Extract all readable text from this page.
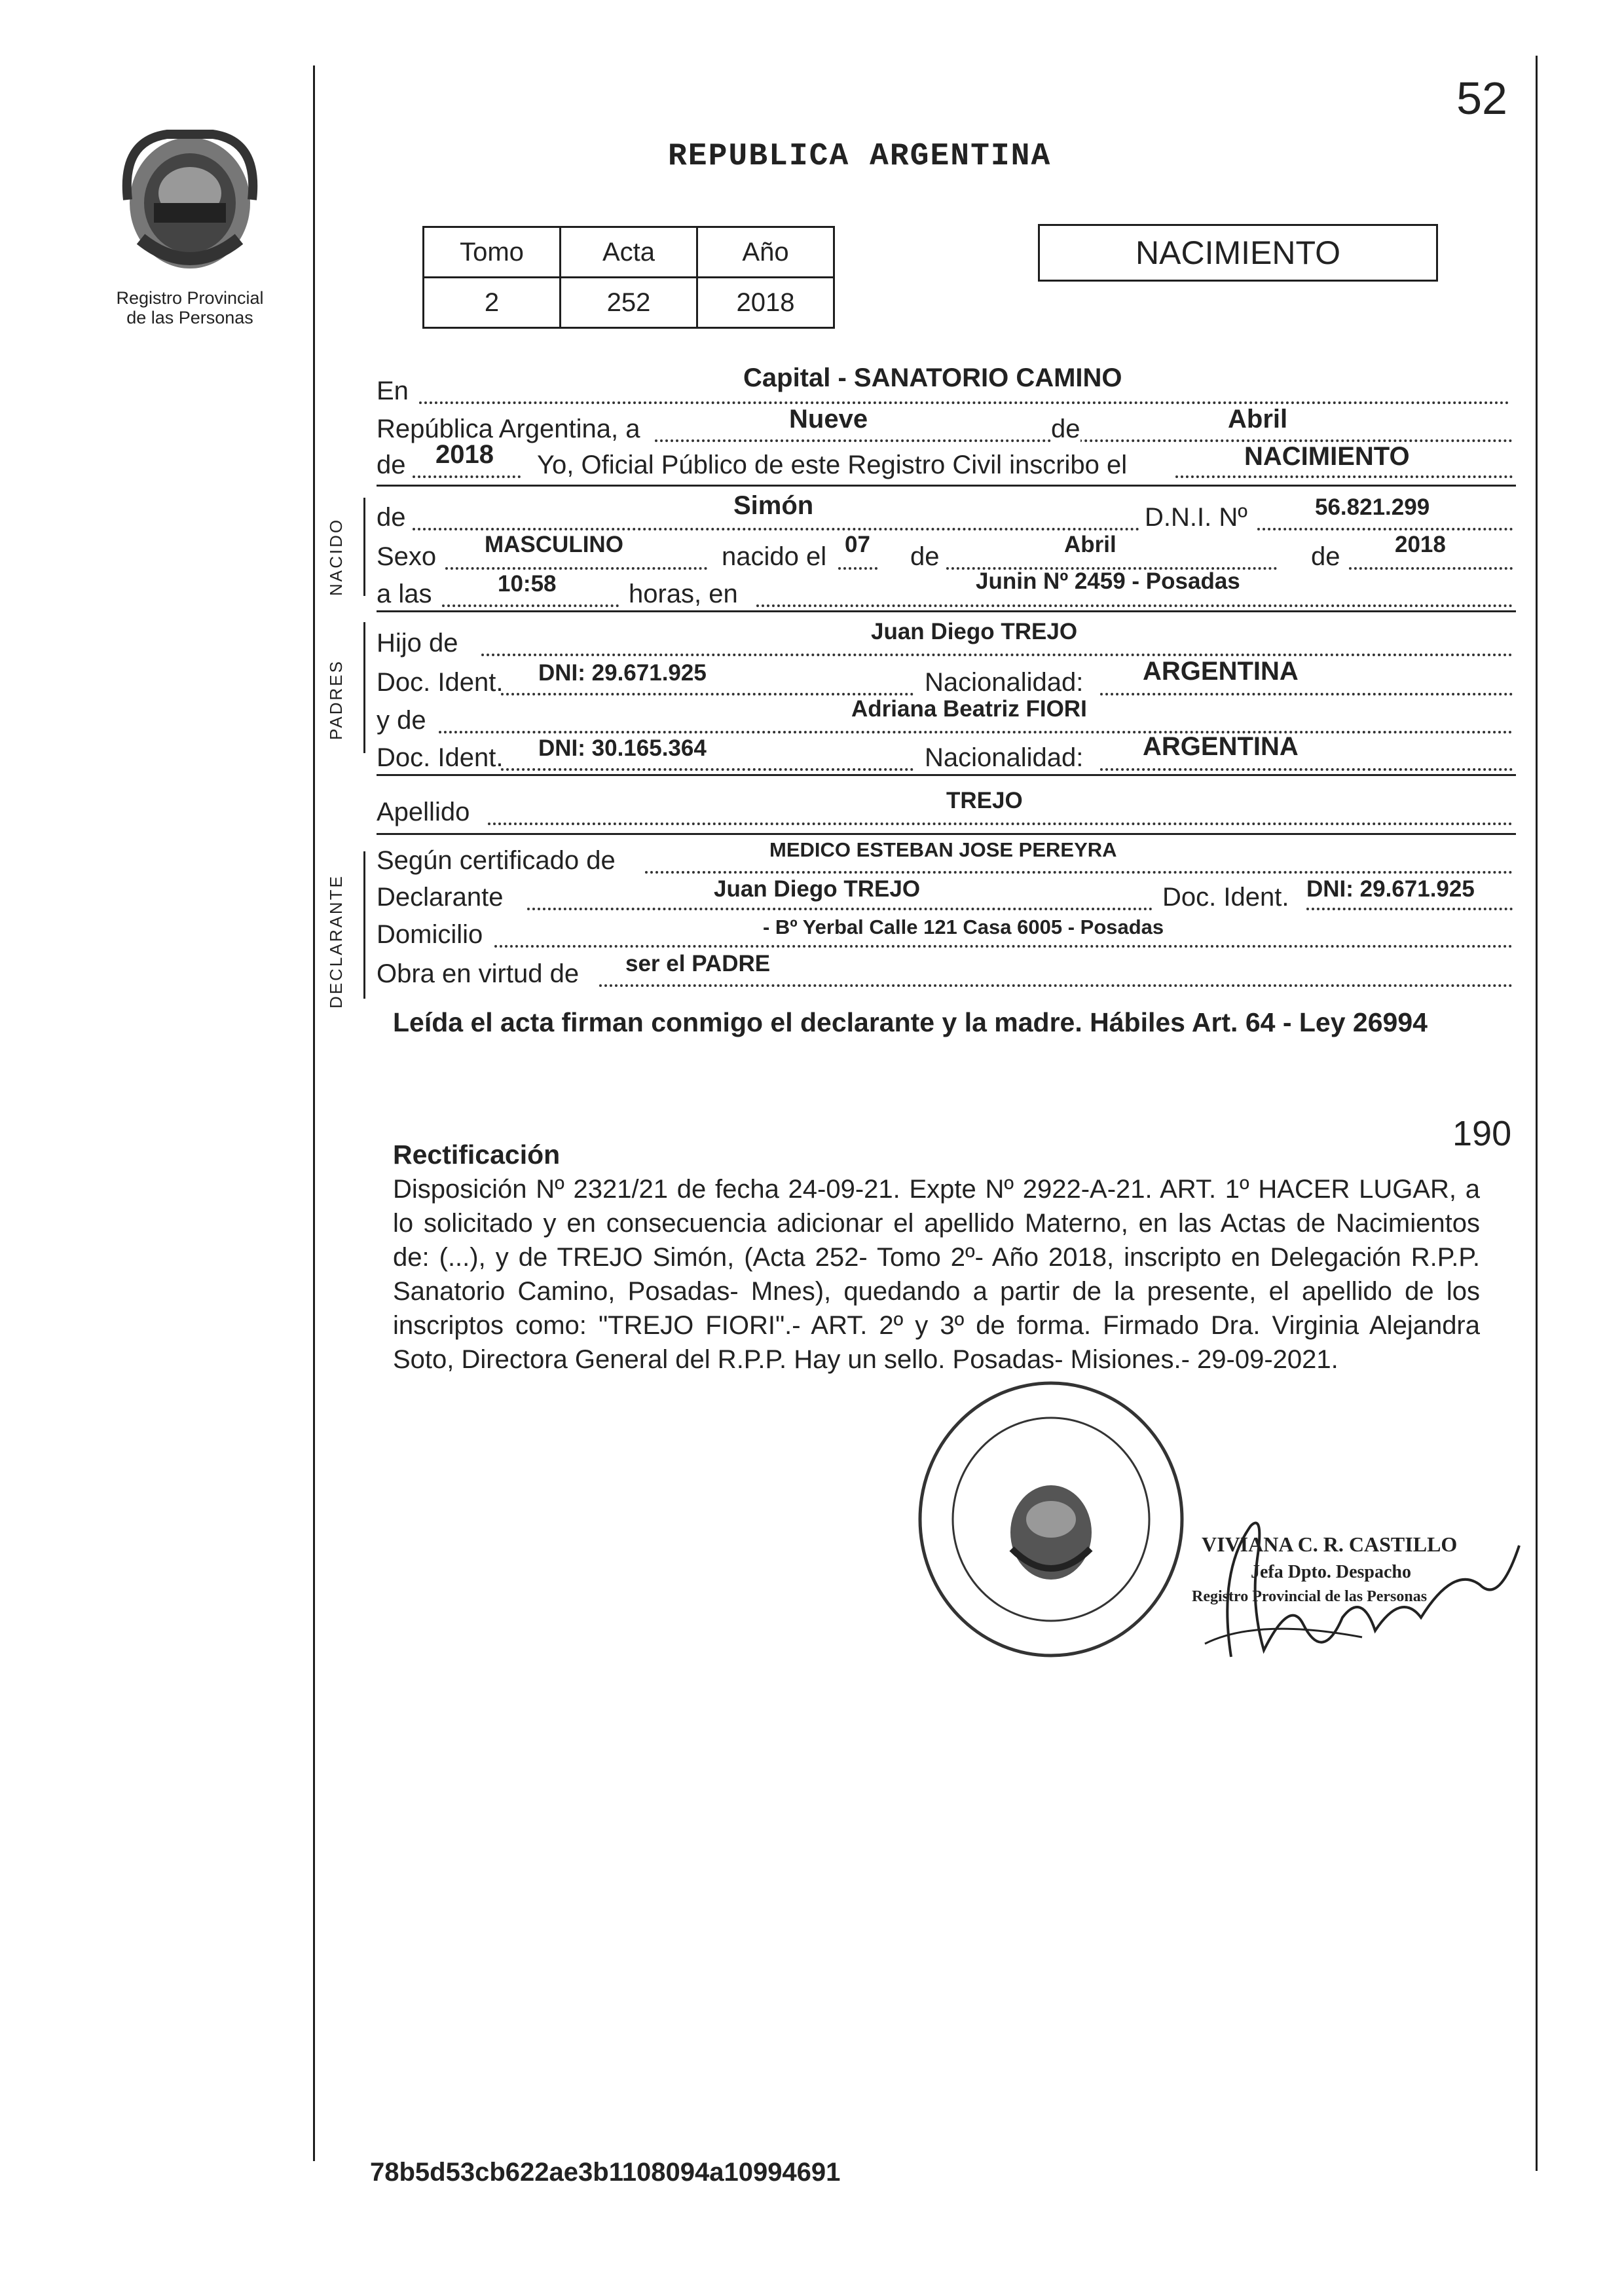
Registro Provincial
de las Personas
52
REPUBLICA ARGENTINA
Tomo	Acta	Año
2	252	2018
NACIMIENTO
En	Capital - SANATORIO CAMINO
República Argentina, a	Nueve	de	Abril
de 2018 Yo, Oficial Público de este Registro Civil inscribo el	NACIMIENTO
NACIDO
de	Simón	D.N.I. Nº	56.821.299
Sexo MASCULINO	nacido el 07 de	Abril	de 2018
a las	10:58	horas, en	Junin Nº 2459 - Posadas
PADRES
Hijo de	Juan Diego TREJO
Doc. Ident. DNI: 29.671.925	Nacionalidad: ARGENTINA
y de	Adriana Beatriz FIORI
Doc. Ident. DNI: 30.165.364	Nacionalidad: ARGENTINA
Apellido	TREJO
DECLARANTE
Según certificado de	MEDICO ESTEBAN JOSE PEREYRA
Declarante	Juan Diego TREJO	Doc. Ident. DNI: 29.671.925
Domicilio	- Bº Yerbal Calle 121 Casa 6005 - Posadas
Obra en virtud de ser el PADRE
Leída el acta firman conmigo el declarante y la madre. Hábiles Art. 64 - Ley 26994
190
Rectificación
Disposición Nº 2321/21 de fecha 24-09-21. Expte Nº 2922-A-21. ART. 1º HACER LUGAR, a lo solicitado y en consecuencia adicionar el apellido Materno, en las Actas de Nacimientos de: (...), y de TREJO Simón, (Acta 252- Tomo 2º- Año 2018, inscripto en Delegación R.P.P. Sanatorio Camino, Posadas- Mnes), quedando a partir de la presente, el apellido de los inscriptos como: "TREJO FIORI".- ART. 2º y 3º de forma. Firmado Dra. Virginia Alejandra Soto, Directora General del R.P.P. Hay un sello. Posadas- Misiones.- 29-09-2021.
VIVIANA C. R. CASTILLO
Jefa Dpto. Despacho
Registro Provincial de las Personas
78b5d53cb622ae3b1108094a10994691
